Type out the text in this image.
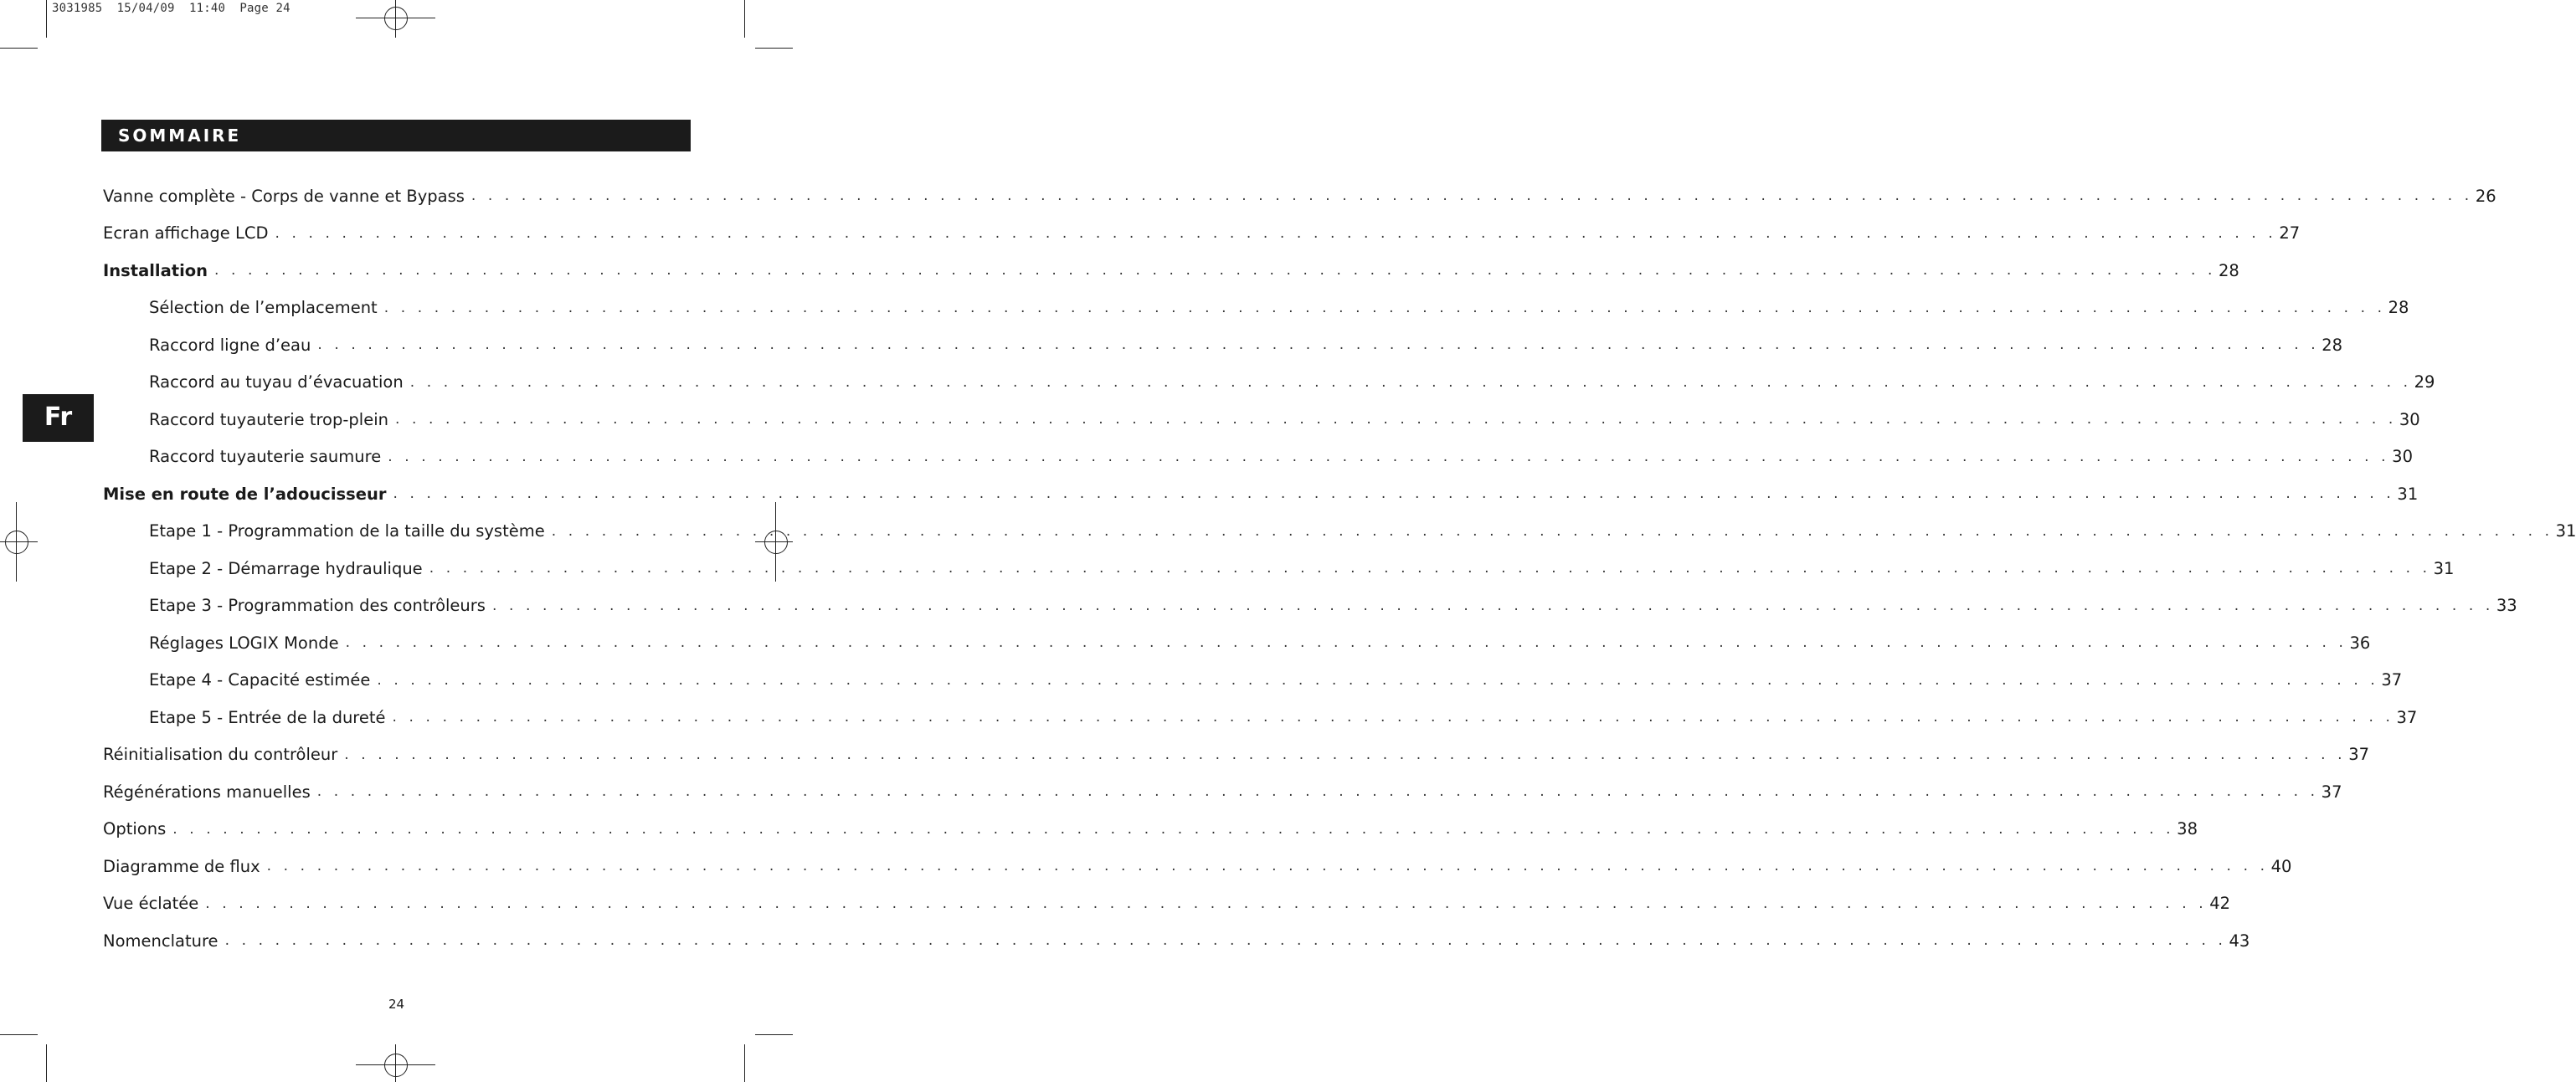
3031985  15/04/09  11:40  Page 24
SOMMAIRE
Fr
Vanne complète - Corps de vanne et Bypass . . . . . . . . . . . . . . . . . . . . . . . . . . . . . . . . . . . . . . . . . . . . . . . . . . . . . . . . . . . . . . . . . . . . . . . . . . . . . . . . . . . . . . . . . . . . . . . . . . . . . . . . . . . . . . . . . . . . . . . . 26
Ecran affichage LCD . . . . . . . . . . . . . . . . . . . . . . . . . . . . . . . . . . . . . . . . . . . . . . . . . . . . . . . . . . . . . . . . . . . . . . . . . . . . . . . . . . . . . . . . . . . . . . . . . . . . . . . . . . . . . . . . . . . . . . . . 27
Installation . . . . . . . . . . . . . . . . . . . . . . . . . . . . . . . . . . . . . . . . . . . . . . . . . . . . . . . . . . . . . . . . . . . . . . . . . . . . . . . . . . . . . . . . . . . . . . . . . . . . . . . . . . . . . . . . . . . . . . . . 28
Sélection de l’emplacement . . . . . . . . . . . . . . . . . . . . . . . . . . . . . . . . . . . . . . . . . . . . . . . . . . . . . . . . . . . . . . . . . . . . . . . . . . . . . . . . . . . . . . . . . . . . . . . . . . . . . . . . . . . . . . . . . . . . . . . . 28
Raccord ligne d’eau . . . . . . . . . . . . . . . . . . . . . . . . . . . . . . . . . . . . . . . . . . . . . . . . . . . . . . . . . . . . . . . . . . . . . . . . . . . . . . . . . . . . . . . . . . . . . . . . . . . . . . . . . . . . . . . . . . . . . . . . 28
Raccord au tuyau d’évacuation . . . . . . . . . . . . . . . . . . . . . . . . . . . . . . . . . . . . . . . . . . . . . . . . . . . . . . . . . . . . . . . . . . . . . . . . . . . . . . . . . . . . . . . . . . . . . . . . . . . . . . . . . . . . . . . . . . . . . . . . 29
Raccord tuyauterie trop-plein . . . . . . . . . . . . . . . . . . . . . . . . . . . . . . . . . . . . . . . . . . . . . . . . . . . . . . . . . . . . . . . . . . . . . . . . . . . . . . . . . . . . . . . . . . . . . . . . . . . . . . . . . . . . . . . . . . . . . . . . 30
Raccord tuyauterie saumure . . . . . . . . . . . . . . . . . . . . . . . . . . . . . . . . . . . . . . . . . . . . . . . . . . . . . . . . . . . . . . . . . . . . . . . . . . . . . . . . . . . . . . . . . . . . . . . . . . . . . . . . . . . . . . . . . . . . . . . . 30
Mise en route de l’adoucisseur . . . . . . . . . . . . . . . . . . . . . . . . . . . . . . . . . . . . . . . . . . . . . . . . . . . . . . . . . . . . . . . . . . . . . . . . . . . . . . . . . . . . . . . . . . . . . . . . . . . . . . . . . . . . . . . . . . . . . . . . 31
Etape 1 - Programmation de la taille du système . . . . . . . . . . . . . . . . . . . . . . . . . . . . . . . . . . . . . . . . . . . . . . . . . . . . . . . . . . . . . . . . . . . . . . . . . . . . . . . . . . . . . . . . . . . . . . . . . . . . . . . . . . . . . . . . . . . . . . . . 31
Etape 2 - Démarrage hydraulique . . . . . . . . . . . . . . . . . . . . . . . . . . . . . . . . . . . . . . . . . . . . . . . . . . . . . . . . . . . . . . . . . . . . . . . . . . . . . . . . . . . . . . . . . . . . . . . . . . . . . . . . . . . . . . . . . . . . . . . . 31
Etape 3 - Programmation des contrôleurs . . . . . . . . . . . . . . . . . . . . . . . . . . . . . . . . . . . . . . . . . . . . . . . . . . . . . . . . . . . . . . . . . . . . . . . . . . . . . . . . . . . . . . . . . . . . . . . . . . . . . . . . . . . . . . . . . . . . . . . . 33
Réglages LOGIX Monde . . . . . . . . . . . . . . . . . . . . . . . . . . . . . . . . . . . . . . . . . . . . . . . . . . . . . . . . . . . . . . . . . . . . . . . . . . . . . . . . . . . . . . . . . . . . . . . . . . . . . . . . . . . . . . . . . . . . . . . . 36
Etape 4 - Capacité estimée . . . . . . . . . . . . . . . . . . . . . . . . . . . . . . . . . . . . . . . . . . . . . . . . . . . . . . . . . . . . . . . . . . . . . . . . . . . . . . . . . . . . . . . . . . . . . . . . . . . . . . . . . . . . . . . . . . . . . . . . 37
Etape 5 - Entrée de la dureté . . . . . . . . . . . . . . . . . . . . . . . . . . . . . . . . . . . . . . . . . . . . . . . . . . . . . . . . . . . . . . . . . . . . . . . . . . . . . . . . . . . . . . . . . . . . . . . . . . . . . . . . . . . . . . . . . . . . . . . . 37
Réinitialisation du contrôleur . . . . . . . . . . . . . . . . . . . . . . . . . . . . . . . . . . . . . . . . . . . . . . . . . . . . . . . . . . . . . . . . . . . . . . . . . . . . . . . . . . . . . . . . . . . . . . . . . . . . . . . . . . . . . . . . . . . . . . . . 37
Régénérations manuelles . . . . . . . . . . . . . . . . . . . . . . . . . . . . . . . . . . . . . . . . . . . . . . . . . . . . . . . . . . . . . . . . . . . . . . . . . . . . . . . . . . . . . . . . . . . . . . . . . . . . . . . . . . . . . . . . . . . . . . . . 37
Options . . . . . . . . . . . . . . . . . . . . . . . . . . . . . . . . . . . . . . . . . . . . . . . . . . . . . . . . . . . . . . . . . . . . . . . . . . . . . . . . . . . . . . . . . . . . . . . . . . . . . . . . . . . . . . . . . . . . . . . . 38
Diagramme de flux . . . . . . . . . . . . . . . . . . . . . . . . . . . . . . . . . . . . . . . . . . . . . . . . . . . . . . . . . . . . . . . . . . . . . . . . . . . . . . . . . . . . . . . . . . . . . . . . . . . . . . . . . . . . . . . . . . . . . . . . 40
Vue éclatée . . . . . . . . . . . . . . . . . . . . . . . . . . . . . . . . . . . . . . . . . . . . . . . . . . . . . . . . . . . . . . . . . . . . . . . . . . . . . . . . . . . . . . . . . . . . . . . . . . . . . . . . . . . . . . . . . . . . . . . . 42
Nomenclature . . . . . . . . . . . . . . . . . . . . . . . . . . . . . . . . . . . . . . . . . . . . . . . . . . . . . . . . . . . . . . . . . . . . . . . . . . . . . . . . . . . . . . . . . . . . . . . . . . . . . . . . . . . . . . . . . . . . . . . . 43
24
